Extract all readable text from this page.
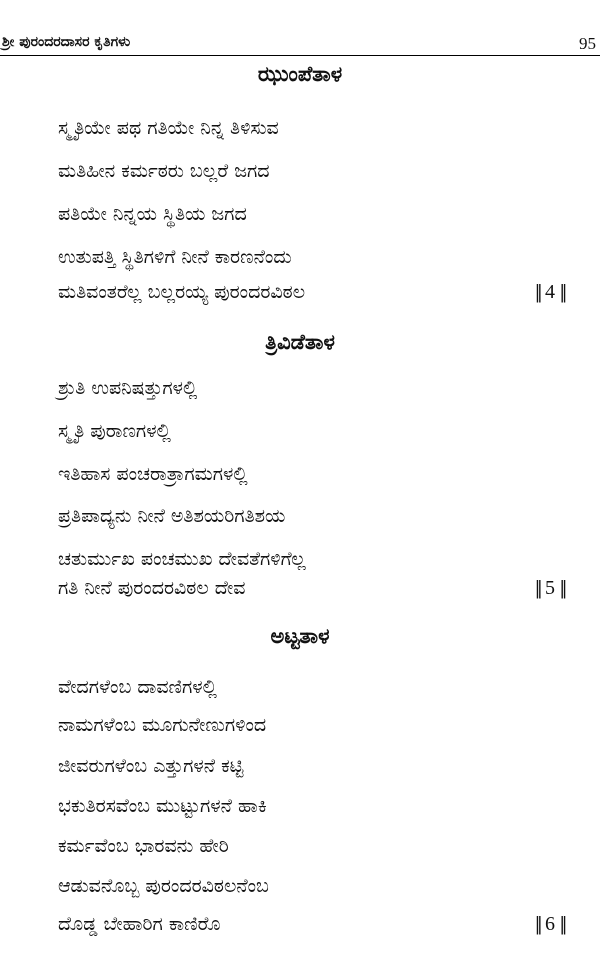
ಶ್ರೀ ಪುರಂದರದಾಸರ ಕೃತಿಗಳು	95
ಝುಂಪೆತಾಳ
ಸ್ಮೃತಿಯೇ ಪಥ ಗತಿಯೇ ನಿನ್ನ ತಿಳಿಸುವ
ಮತಿಹೀನ ಕರ್ಮಠರು ಬಲ್ಲರೆ ಜಗದ
ಪತಿಯೇ ನಿನ್ನಯ ಸ್ಥಿತಿಯ ಜಗದ
ಉತುಪತ್ತಿ ಸ್ಥಿತಿಗಳಿಗೆ ನೀನೆ ಕಾರಣನೆಂದು
ಮತಿವಂತರೆಲ್ಲ ಬಲ್ಲರಯ್ಯ ಪುರಂದರವಿಠಲ	|| 4 ||
ತ್ರಿವಿಡೆತಾಳ
ಶ್ರುತಿ ಉಪನಿಷತ್ತುಗಳಲ್ಲಿ
ಸ್ಮೃತಿ ಪುರಾಣಗಳಲ್ಲಿ
ಇತಿಹಾಸ ಪಂಚರಾತ್ರಾಗಮಗಳಲ್ಲಿ
ಪ್ರತಿಪಾದ್ಯನು ನೀನೆ ಅತಿಶಯರಿಗತಿಶಯ
ಚತುರ್ಮುಖ ಪಂಚಮುಖ ದೇವತೆಗಳಿಗೆಲ್ಲ
ಗತಿ ನೀನೆ ಪುರಂದರವಿಠಲ ದೇವ	|| 5 ||
ಅಟ್ಟತಾಳ
ವೇದಗಳೆಂಬ ದಾವಣಿಗಳಲ್ಲಿ
ನಾಮಗಳೆಂಬ ಮೂಗುನೇಣುಗಳಿಂದ
ಜೀವರುಗಳೆಂಬ ಎತ್ತುಗಳನೆ ಕಟ್ಟಿ
ಭಕುತಿರಸವೆಂಬ ಮುಟ್ಟುಗಳನೆ ಹಾಕಿ
ಕರ್ಮವೆಂಬ ಭಾರವನು ಹೇರಿ
ಆಡುವನೊಬ್ಬ ಪುರಂದರವಿಠಲನೆಂಬ
ದೊಡ್ಡ ಬೇಹಾರಿಗ ಕಾಣಿರೊ	|| 6 ||
